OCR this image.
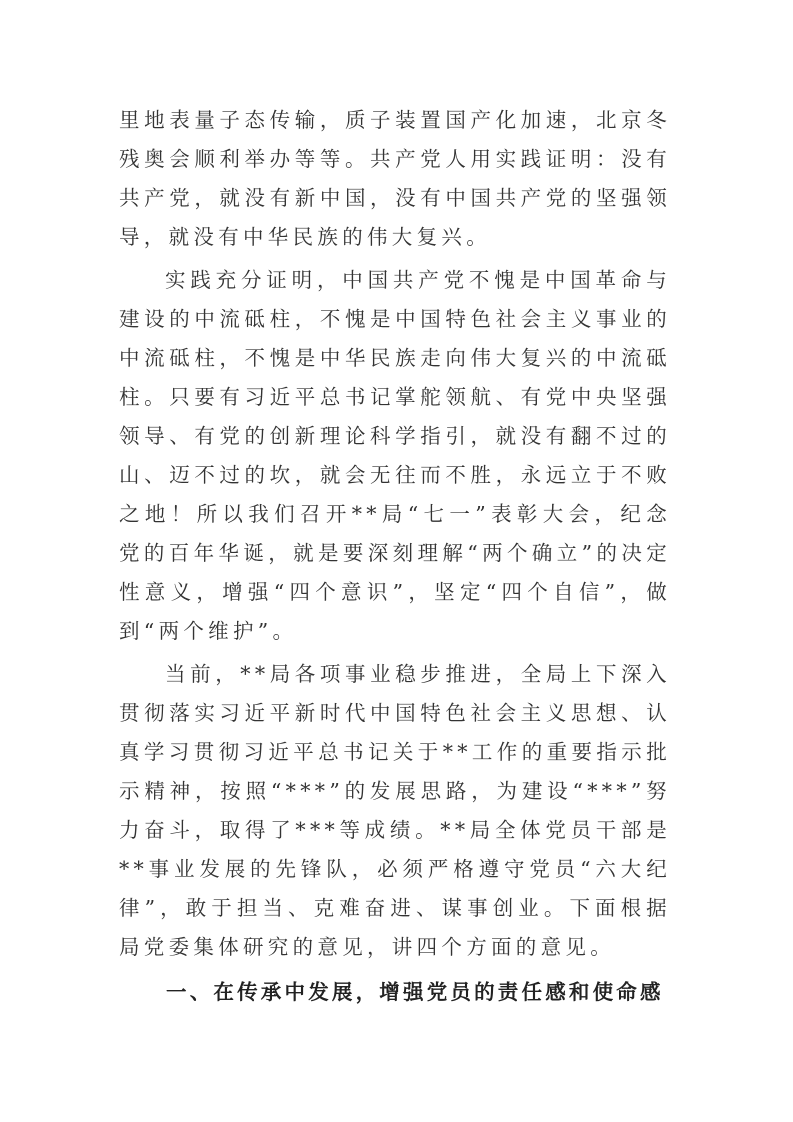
里地表量子态传输，质子装置国产化加速，北京冬残奥会顺利举办等等。共产党人用实践证明：没有共产党，就没有新中国，没有中国共产党的坚强领导，就没有中华民族的伟大复兴。

实践充分证明，中国共产党不愧是中国革命与建设的中流砥柱，不愧是中国特色社会主义事业的中流砥柱，不愧是中华民族走向伟大复兴的中流砥柱。只要有习近平总书记掌舵领航、有党中央坚强领导、有党的创新理论科学指引，就没有翻不过的山、迈不过的坎，就会无往而不胜，永远立于不败之地！所以我们召开**局“七一”表彰大会，纪念党的百年华诞，就是要深刻理解“两个确立”的决定性意义，增强“四个意识”，坚定“四个自信”，做到“两个维护”。

当前，**局各项事业稳步推进，全局上下深入贯彻落实习近平新时代中国特色社会主义思想、认真学习贯彻习近平总书记关于**工作的重要指示批示精神，按照“***”的发展思路，为建设“***”努力奋斗，取得了***等成绩。**局全体党员干部是**事业发展的先锋队，必须严格遵守党员“六大纪律”，敢于担当、克难奋进、谋事创业。下面根据局党委集体研究的意见，讲四个方面的意见。

一、在传承中发展，增强党员的责任感和使命感
